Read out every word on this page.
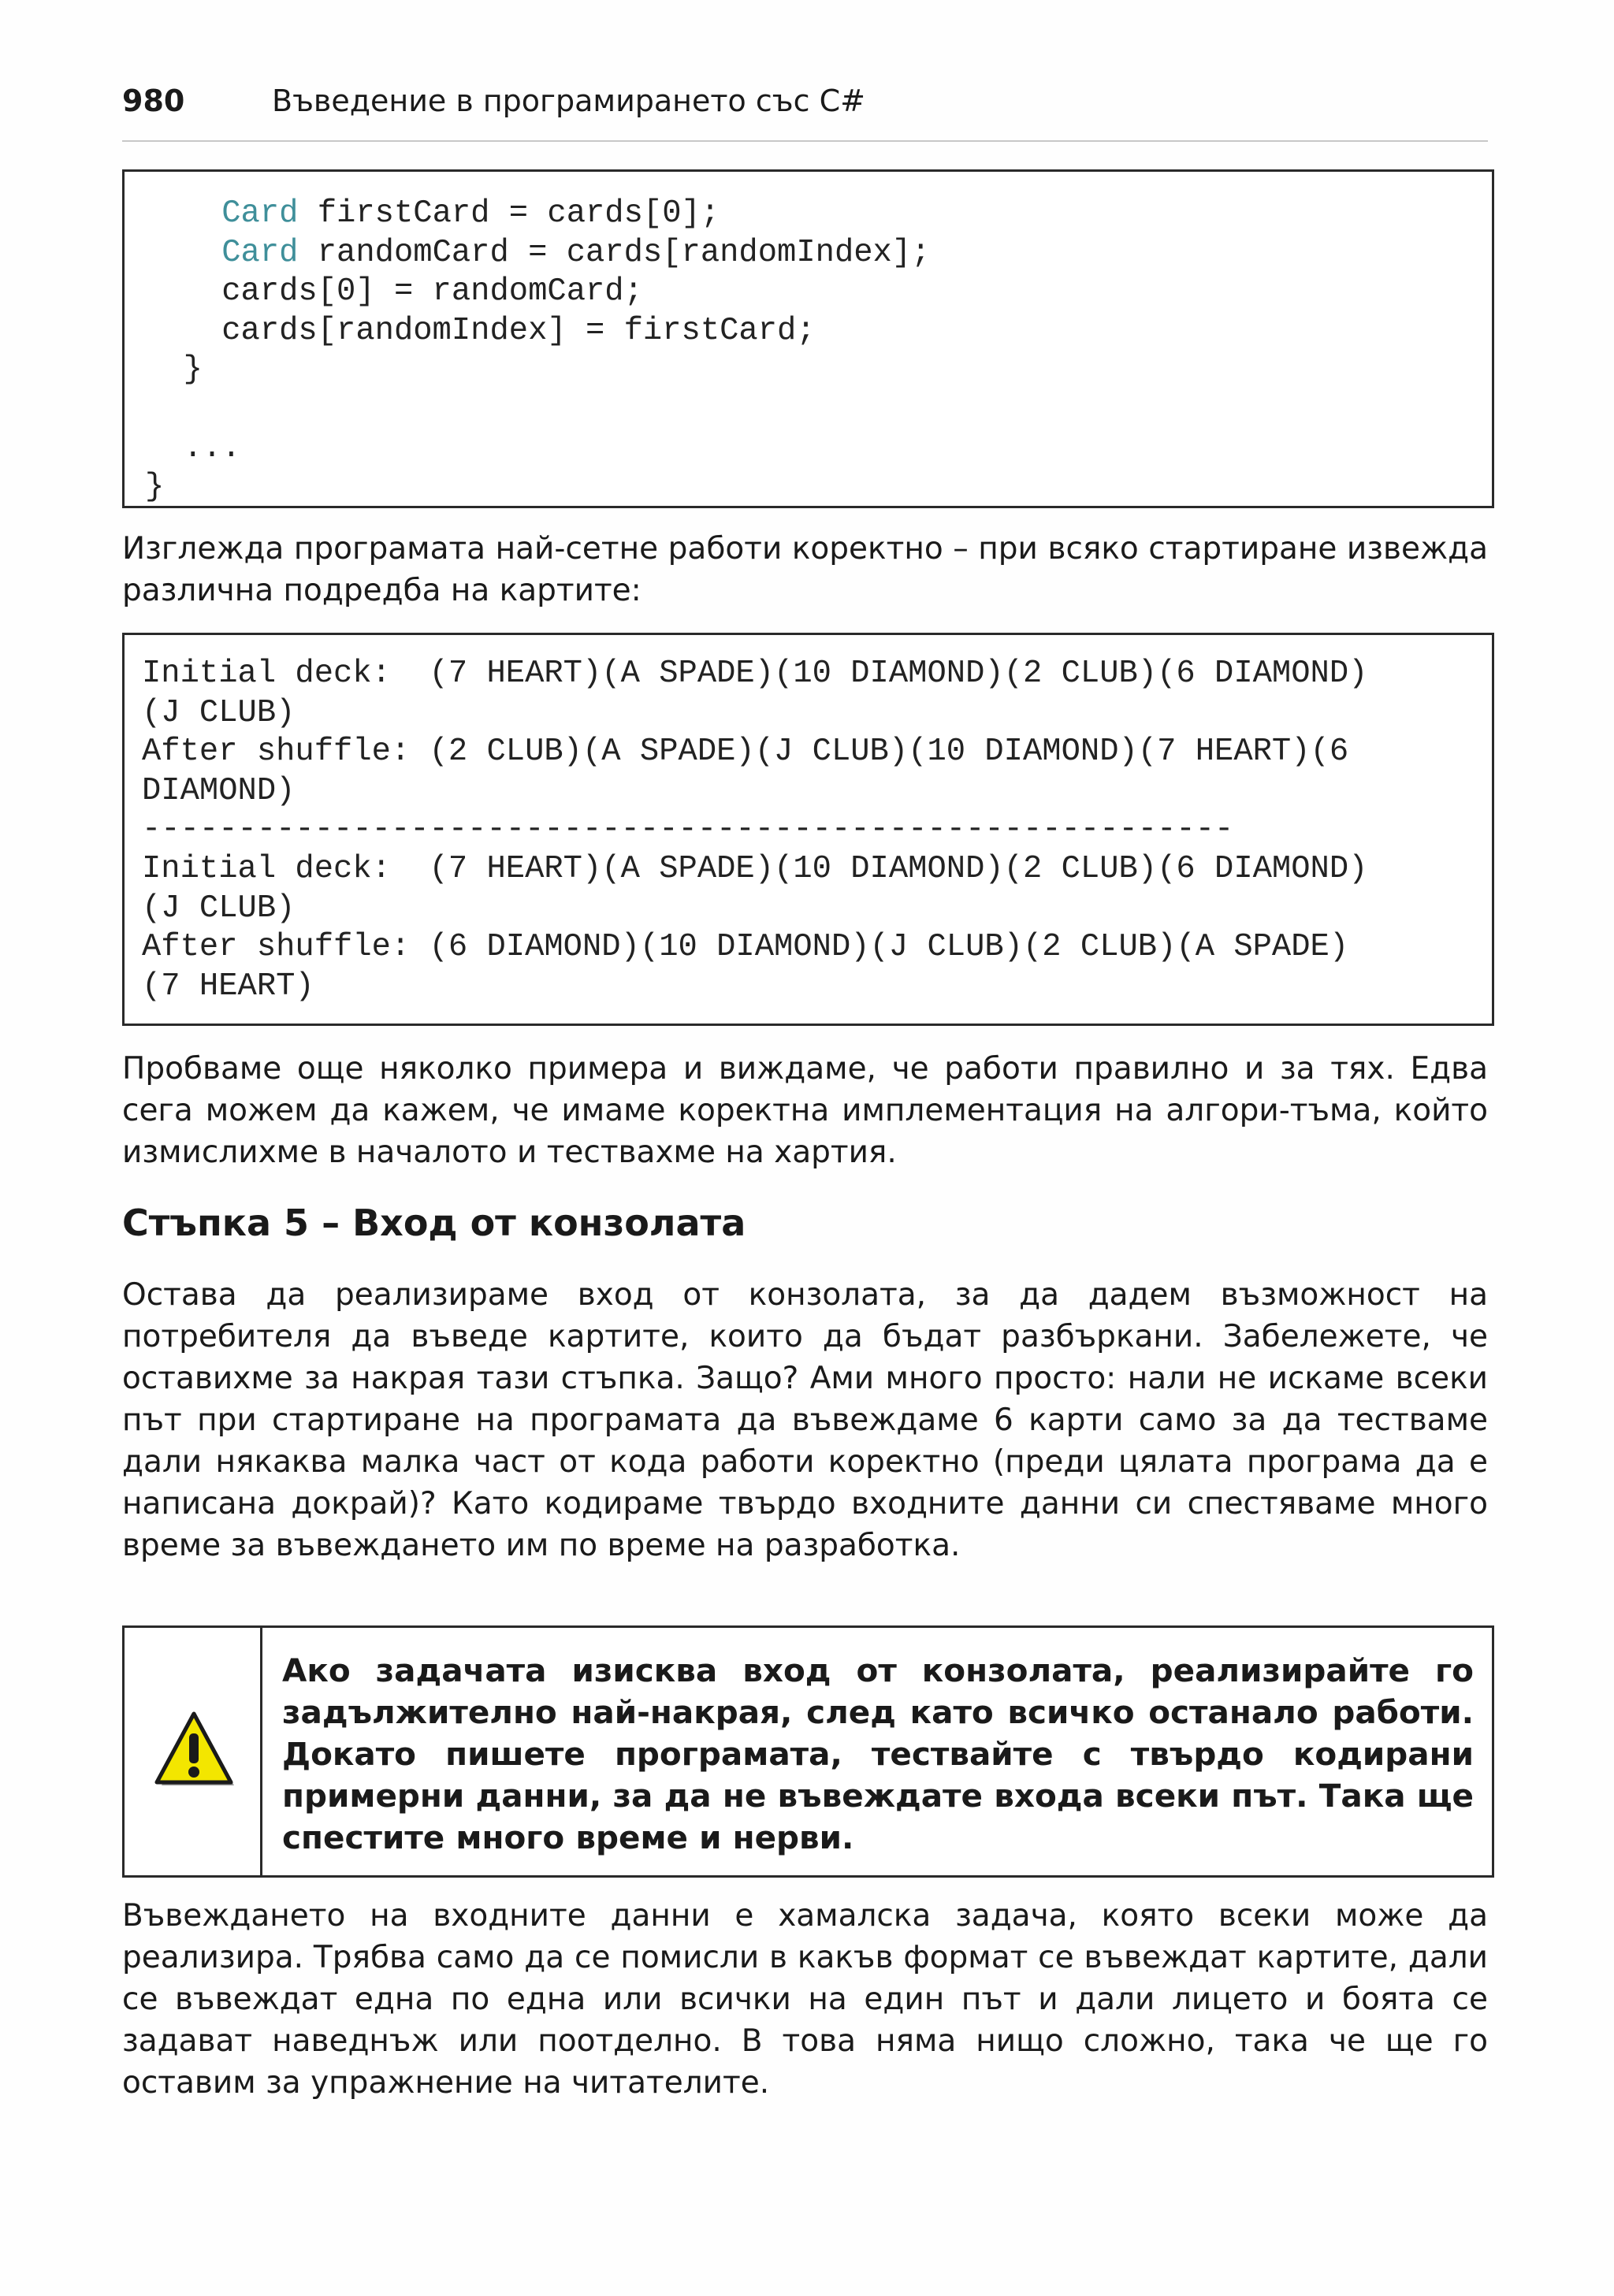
980	Въведение в програмирането със C#
Card firstCard = cards[0];
Card randomCard = cards[randomIndex];
cards[0] = randomCard;
cards[randomIndex] = firstCard;
}

...
}

Изглежда програмата най-сетне работи коректно – при всяко стартиране извежда различна подредба на картите:

Initial deck:  (7 HEART)(A SPADE)(10 DIAMOND)(2 CLUB)(6 DIAMOND)
(J CLUB)
After shuffle: (2 CLUB)(A SPADE)(J CLUB)(10 DIAMOND)(7 HEART)(6
DIAMOND)
---------------------------------------------------------
Initial deck:  (7 HEART)(A SPADE)(10 DIAMOND)(2 CLUB)(6 DIAMOND)
(J CLUB)
After shuffle: (6 DIAMOND)(10 DIAMOND)(J CLUB)(2 CLUB)(A SPADE)
(7 HEART)

Пробваме още няколко примера и виждаме, че работи правилно и за тях. Едва сега можем да кажем, че имаме коректна имплементация на алгори-тъма, който измислихме в началото и тествахме на хартия.

Стъпка 5 – Вход от конзолата

Остава да реализираме вход от конзолата, за да дадем възможност на потребителя да въведе картите, които да бъдат разбъркани. Забележете, че оставихме за накрая тази стъпка. Защо? Ами много просто: нали не искаме всеки път при стартиране на програмата да въвеждаме 6 карти само за да тестваме дали някаква малка част от кода работи коректно (преди цялата програма да е написана докрай)? Като кодираме твърдо входните данни си спестяваме много време за въвеждането им по време на разработка.

Ако задачата изисква вход от конзолата, реализирайте го задължително най-накрая, след като всичко останало работи. Докато пишете програмата, тествайте с твърдо кодирани примерни данни, за да не въвеждате входа всеки път. Така ще спестите много време и нерви.

Въвеждането на входните данни е хамалска задача, която всеки може да реализира. Трябва само да се помисли в какъв формат се въвеждат картите, дали се въвеждат една по една или всички на един път и дали лицето и боята се задават наведнъж или поотделно. В това няма нищо сложно, така че ще го оставим за упражнение на читателите.
